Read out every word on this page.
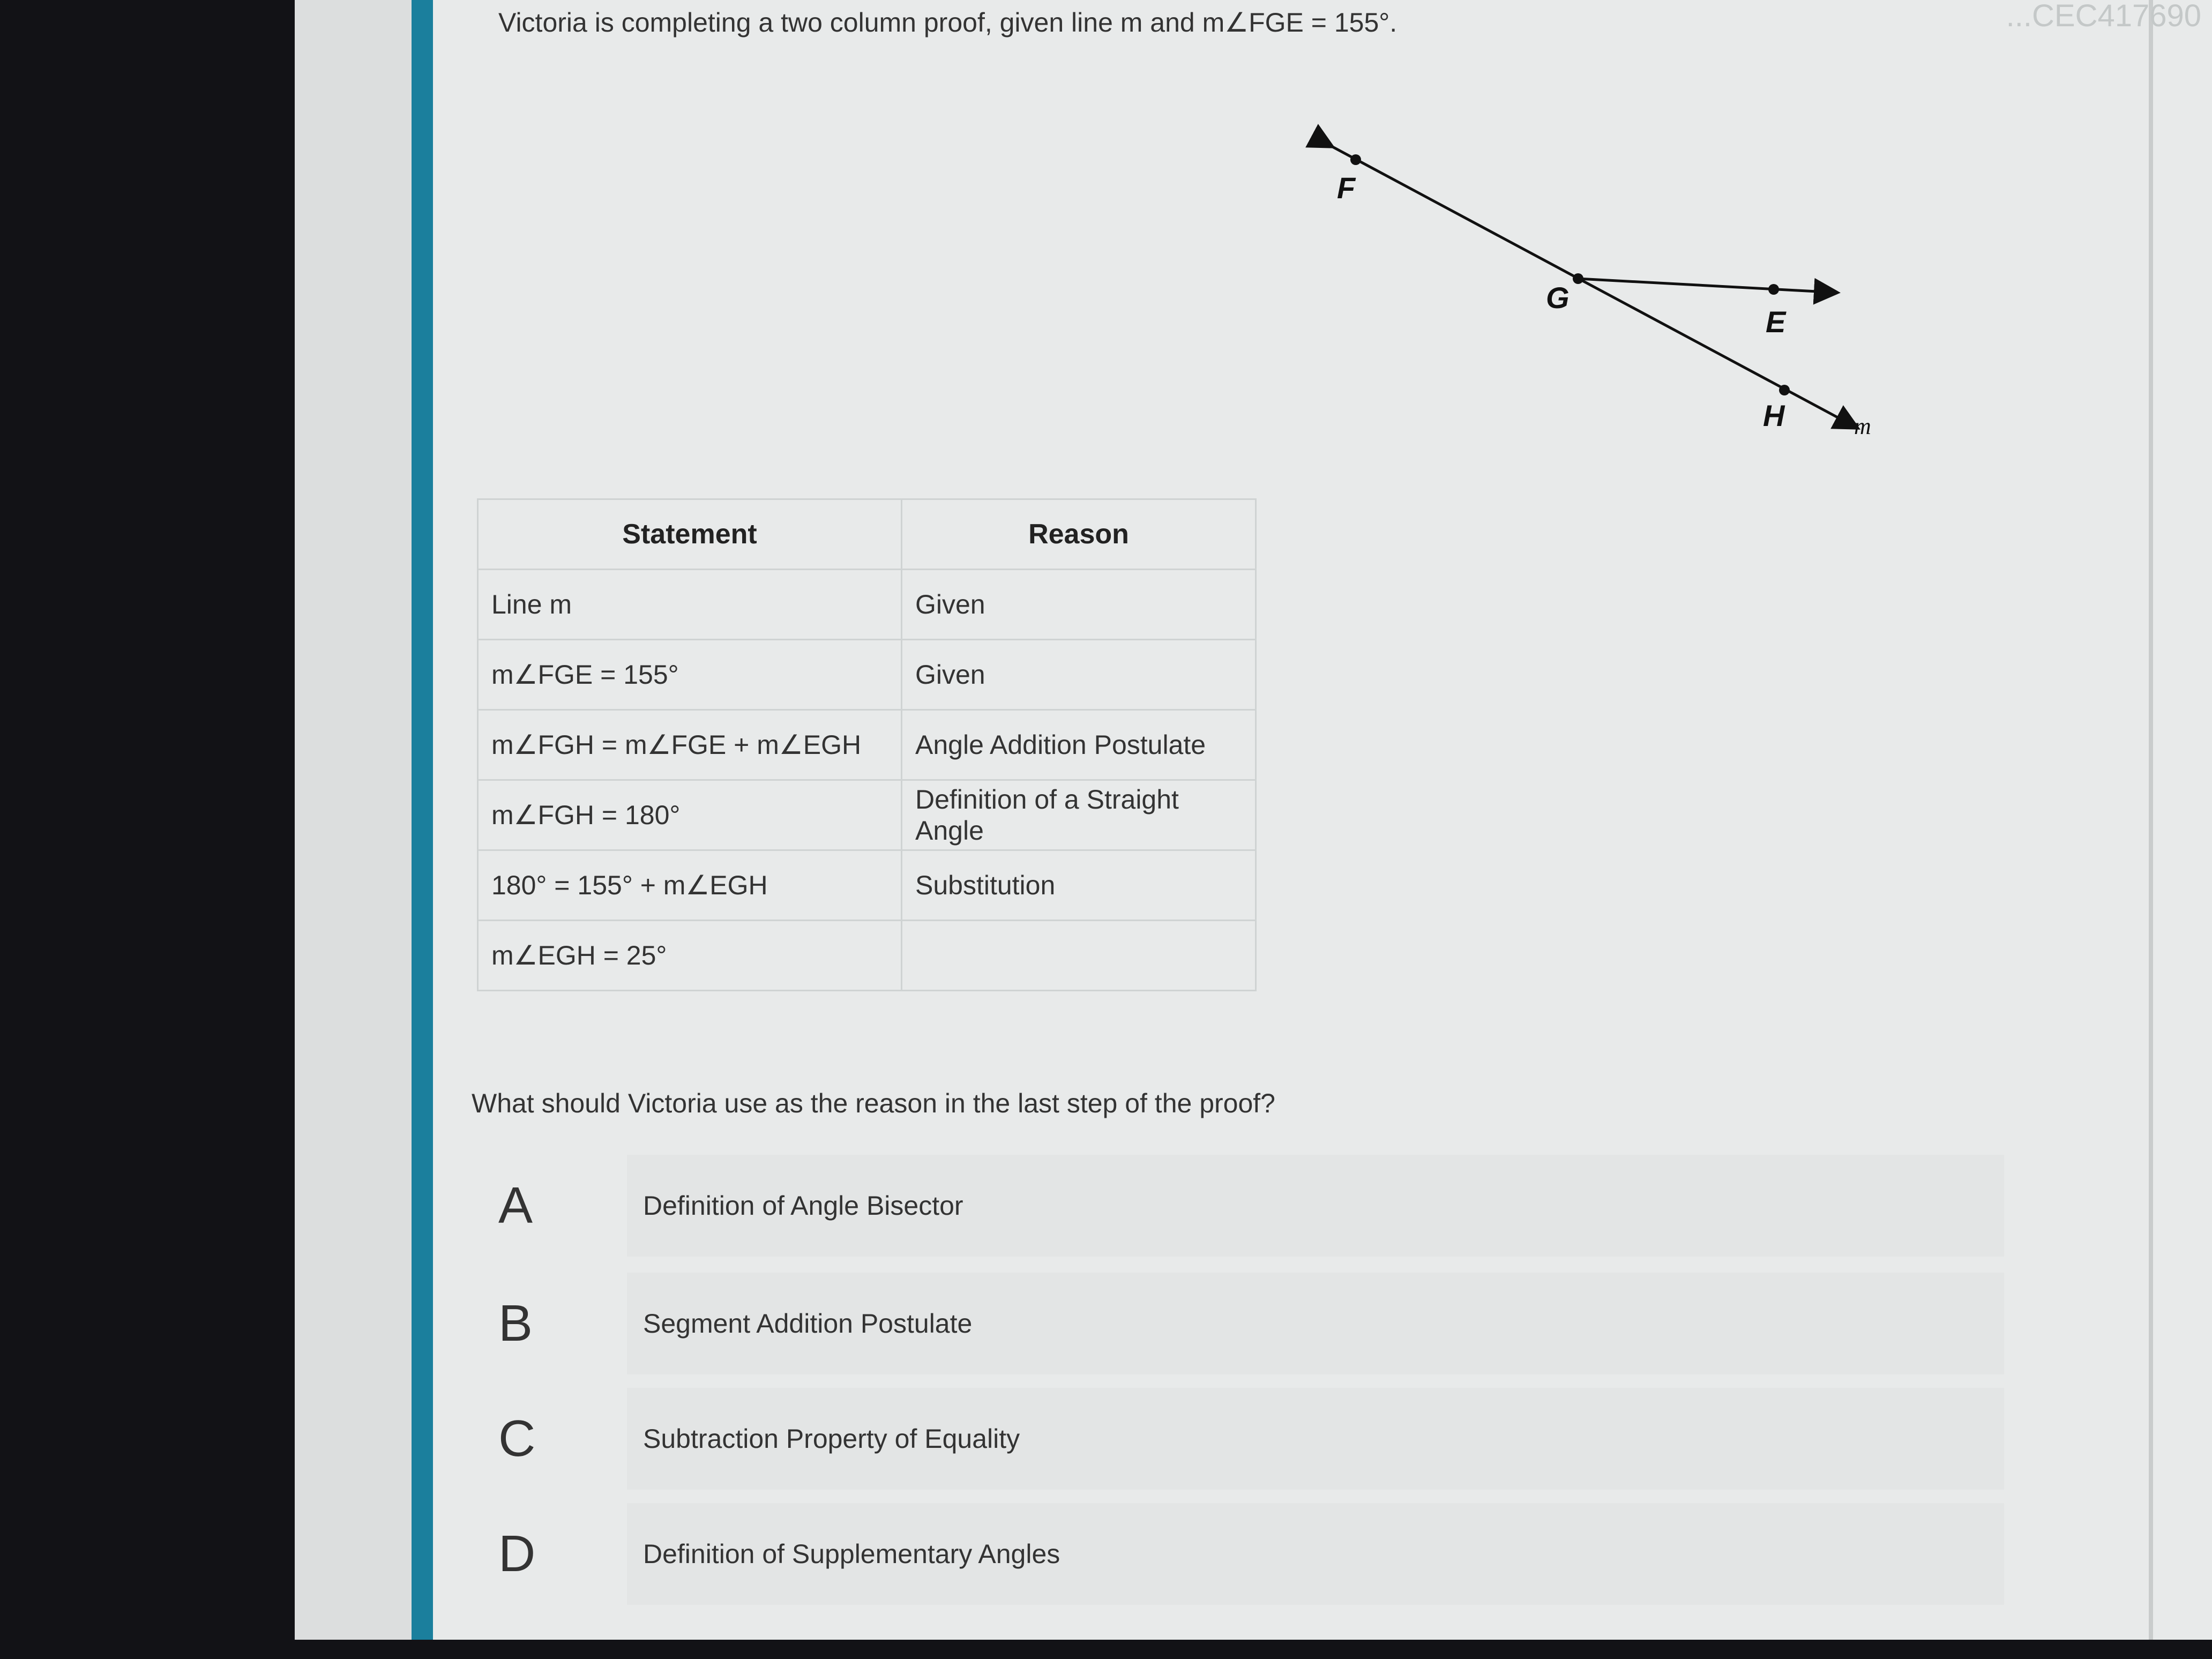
...CEC417690
Victoria is completing a two column proof, given line m and m∠FGE = 155°.
F
G
E
H	m
Statement	Reason
Line m	Given
m∠FGE = 155°	Given
m∠FGH = m∠FGE + m∠EGH	Angle Addition Postulate
m∠FGH = 180°	Definition of a Straight Angle
180° = 155° + m∠EGH	Substitution
m∠EGH = 25°	
What should Victoria use as the reason in the last step of the proof?
A	Definition of Angle Bisector
B	Segment Addition Postulate
C	Subtraction Property of Equality
D	Definition of Supplementary Angles
